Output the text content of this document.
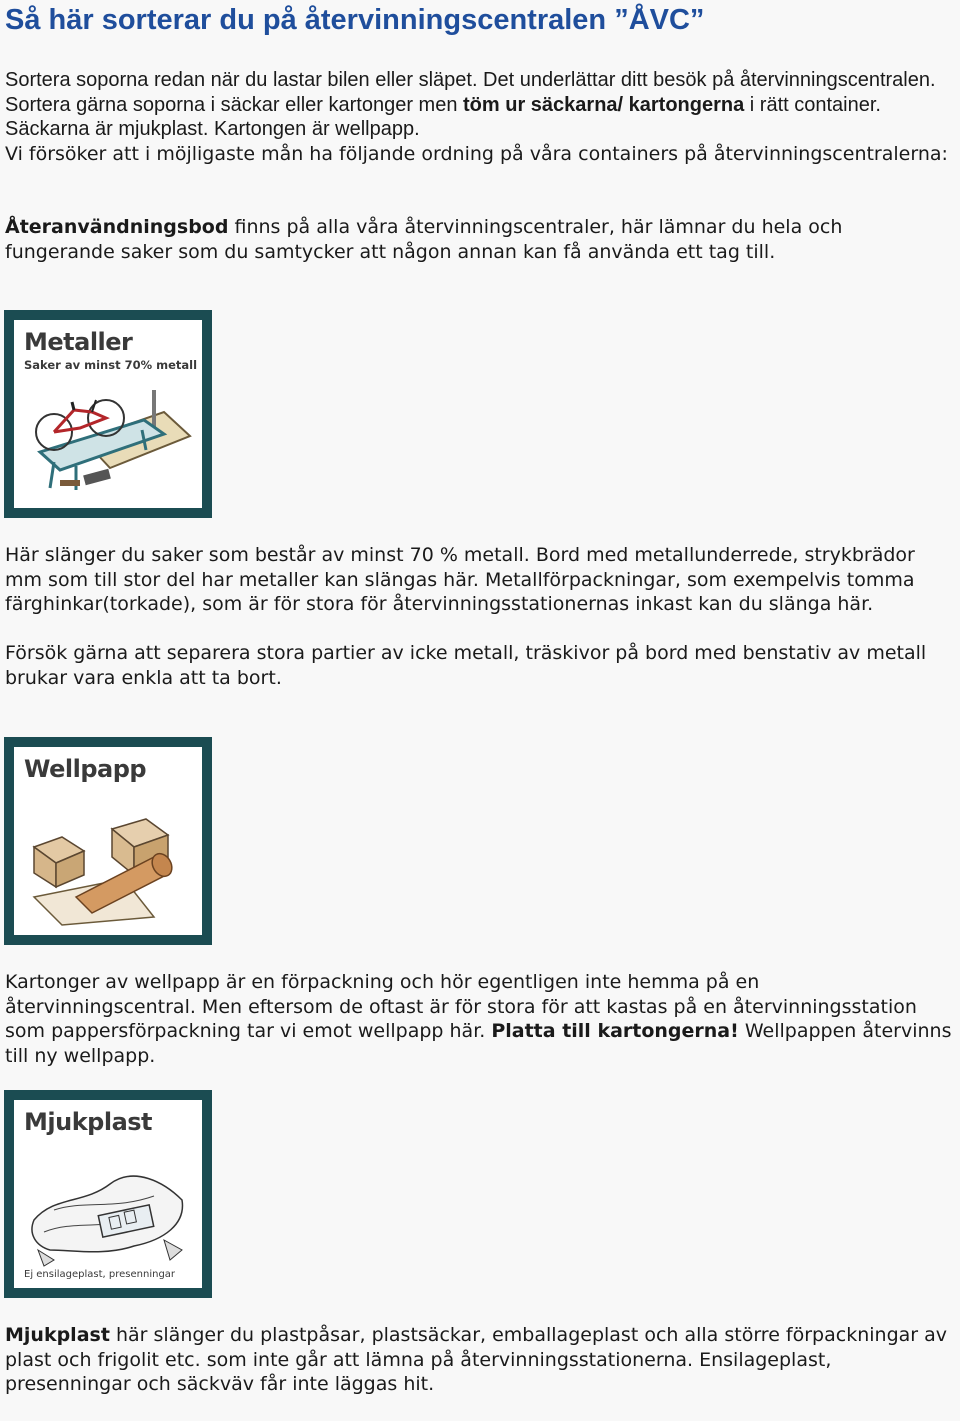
Så här sorterar du på återvinningscentralen ”ÅVC”

Sortera soporna redan när du lastar bilen eller släpet. Det underlättar ditt besök på återvinningscentralen. Sortera gärna soporna i säckar eller kartonger men töm ur säckarna/ kartongerna i rätt container. Säckarna är mjukplast. Kartongen är wellpapp.
Vi försöker att i möjligaste mån ha följande ordning på våra containers på återvinningscentralerna:

Återanvändningsbod finns på alla våra återvinningscentraler, här lämnar du hela och fungerande saker som du samtycker att någon annan kan få använda ett tag till.

Metaller
Saker av minst 70% metall

Här slänger du saker som består av minst 70 % metall. Bord med metallunderrede, strykbrädor mm som till stor del har metaller kan slängas här. Metallförpackningar, som exempelvis tomma färghinkar(torkade), som är för stora för återvinningsstationernas inkast kan du slänga här.

Försök gärna att separera stora partier av icke metall, träskivor på bord med benstativ av metall brukar vara enkla att ta bort.

Wellpapp

Kartonger av wellpapp är en förpackning och hör egentligen inte hemma på en återvinningscentral. Men eftersom de oftast är för stora för att kastas på en återvinningsstation som pappersförpackning tar vi emot wellpapp här. Platta till kartongerna! Wellpappen återvinns till ny wellpapp.

Mjukplast
Ej ensilageplast, presenningar

Mjukplast här slänger du plastpåsar, plastsäckar, emballageplast och alla större förpackningar av plast och frigolit etc. som inte går att lämna på återvinningsstationerna. Ensilageplast, presenningar och säckväv får inte läggas hit.
